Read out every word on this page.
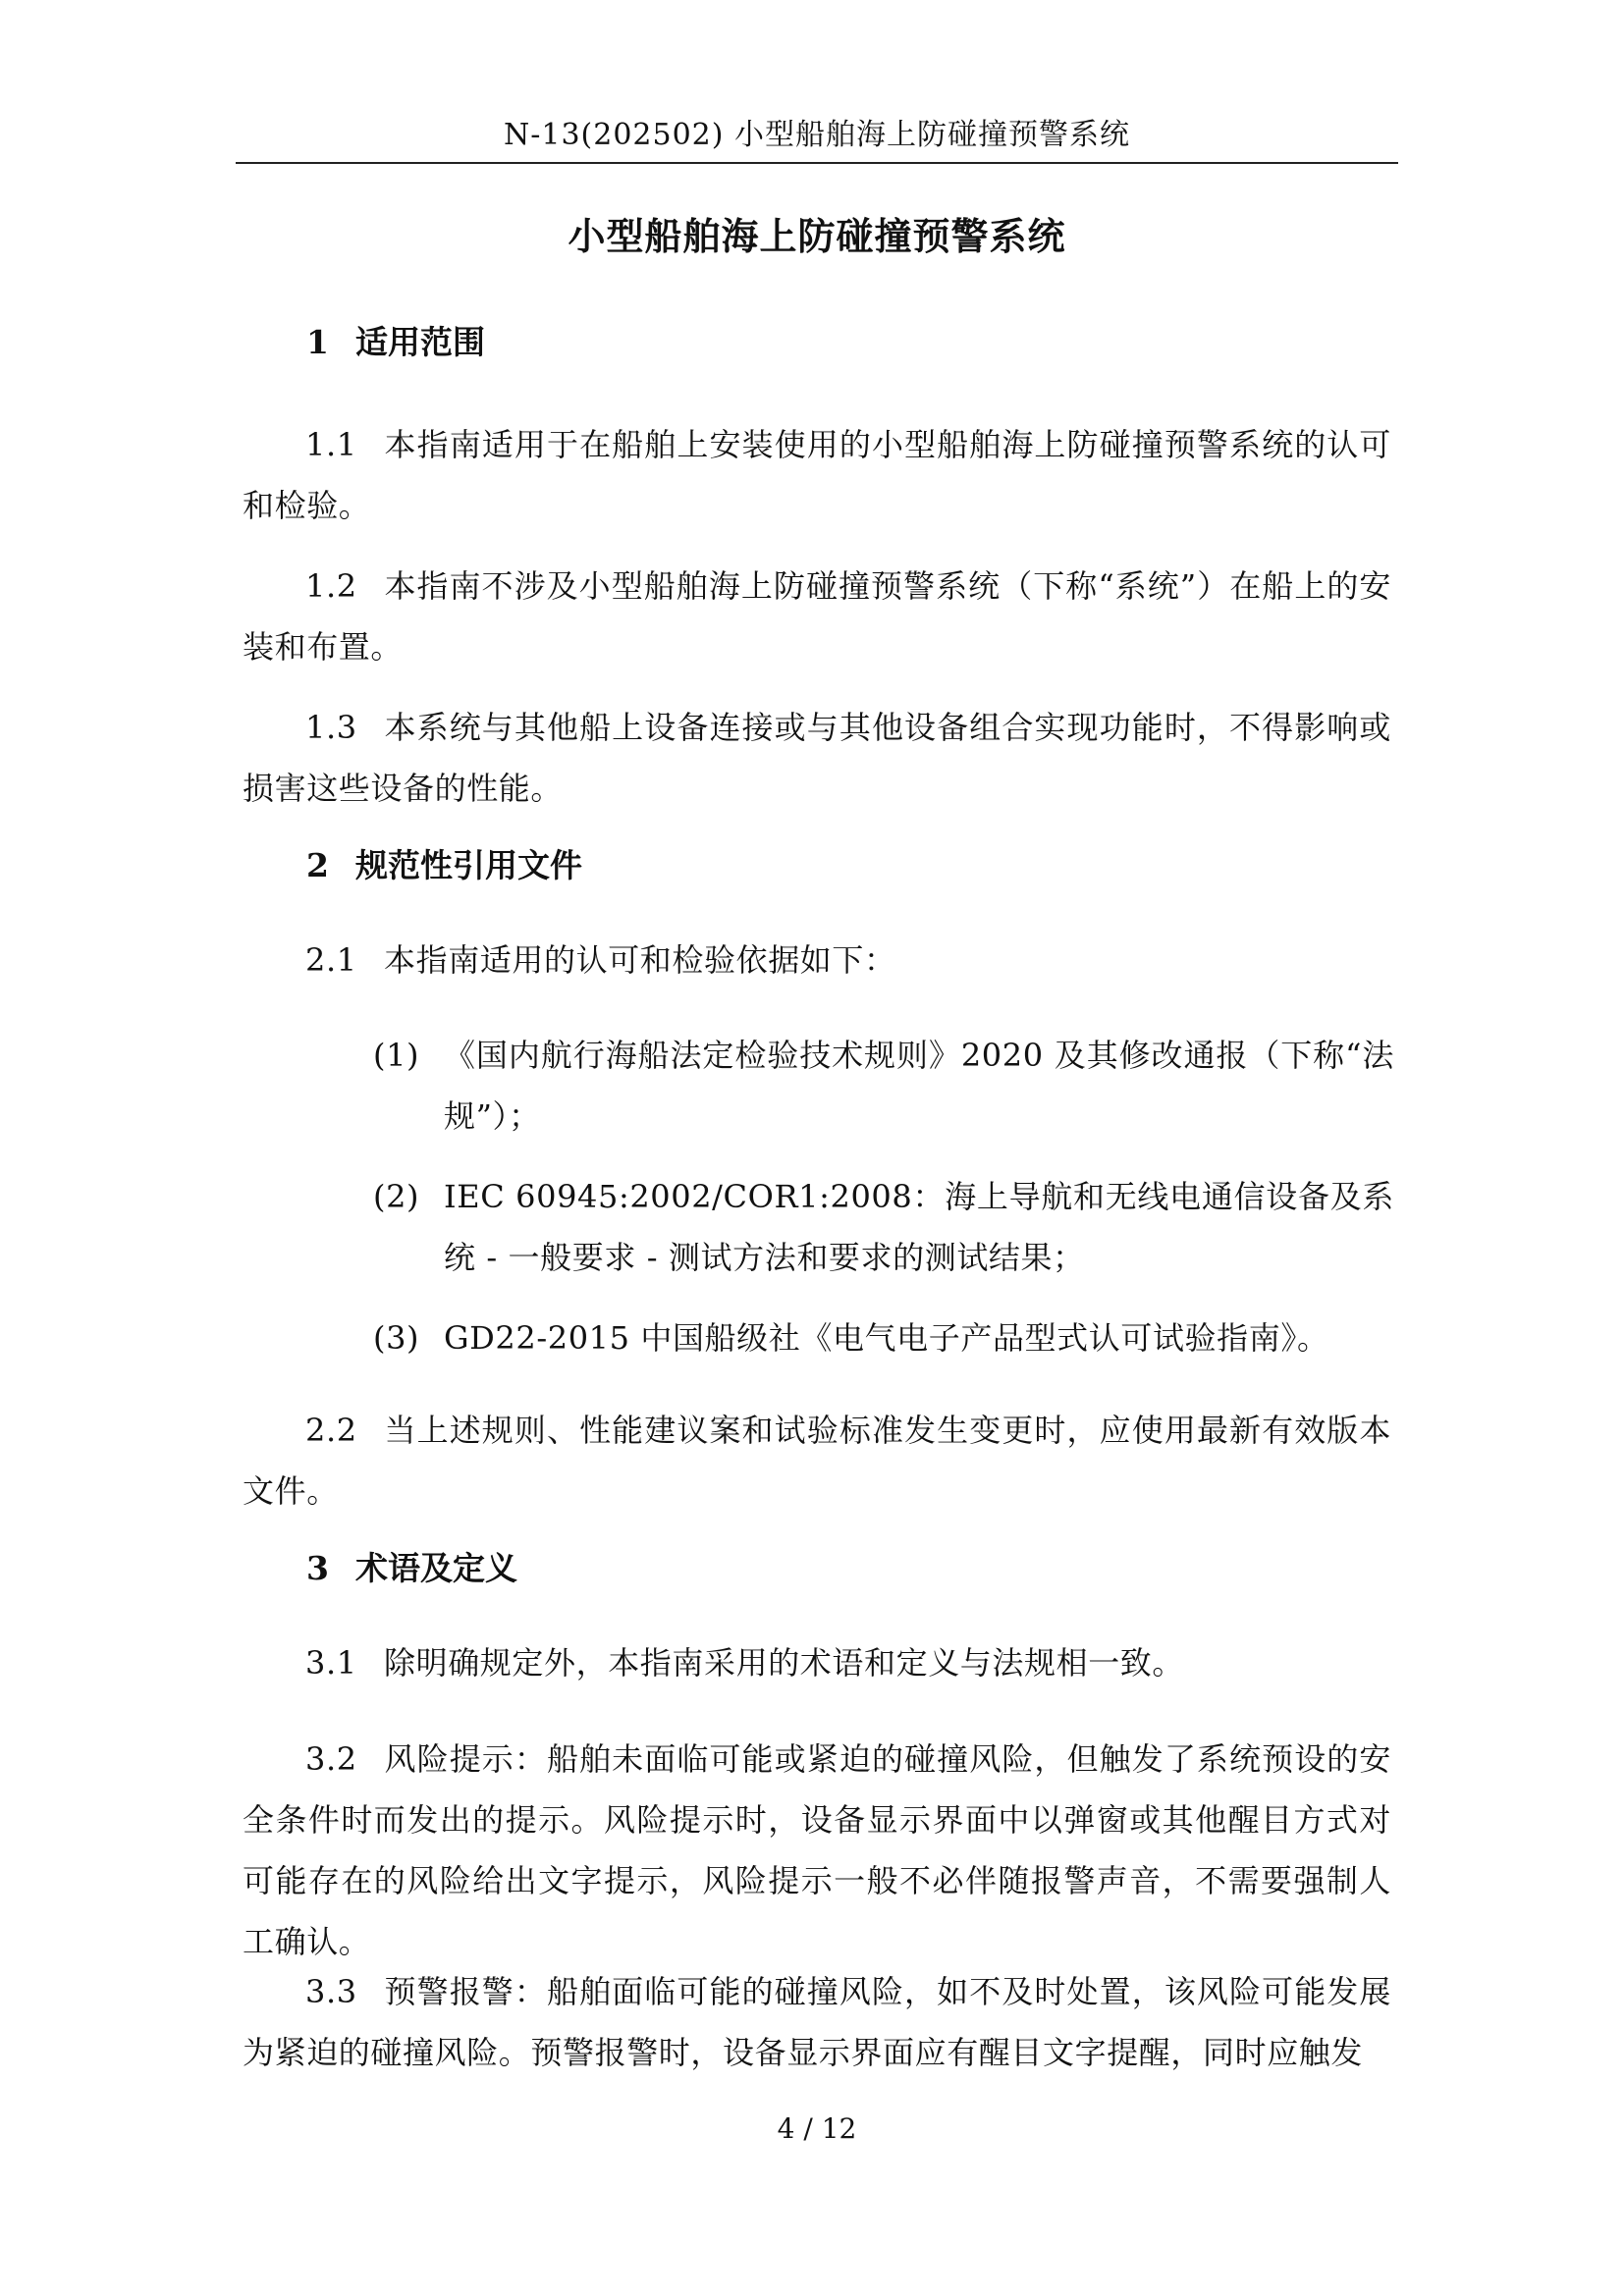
N-13(202502) 小型船舶海上防碰撞预警系统
小型船舶海上防碰撞预警系统
1 适用范围
1.1 本指南适用于在船舶上安装使用的小型船舶海上防碰撞预警系统的认可和检验。
1.2 本指南不涉及小型船舶海上防碰撞预警系统（下称“系统”）在船上的安装和布置。
1.3 本系统与其他船上设备连接或与其他设备组合实现功能时，不得影响或损害这些设备的性能。
2 规范性引用文件
2.1 本指南适用的认可和检验依据如下：
(1) 《国内航行海船法定检验技术规则》2020 及其修改通报（下称“法规”）；
(2) IEC 60945:2002/COR1:2008：海上导航和无线电通信设备及系统 - 一般要求 - 测试方法和要求的测试结果；
(3) GD22-2015 中国船级社《电气电子产品型式认可试验指南》。
2.2 当上述规则、性能建议案和试验标准发生变更时，应使用最新有效版本文件。
3 术语及定义
3.1 除明确规定外，本指南采用的术语和定义与法规相一致。
3.2 风险提示：船舶未面临可能或紧迫的碰撞风险，但触发了系统预设的安全条件时而发出的提示。风险提示时，设备显示界面中以弹窗或其他醒目方式对可能存在的风险给出文字提示，风险提示一般不必伴随报警声音，不需要强制人工确认。
3.3 预警报警：船舶面临可能的碰撞风险，如不及时处置，该风险可能发展为紧迫的碰撞风险。预警报警时，设备显示界面应有醒目文字提醒，同时应触发
4 / 12
